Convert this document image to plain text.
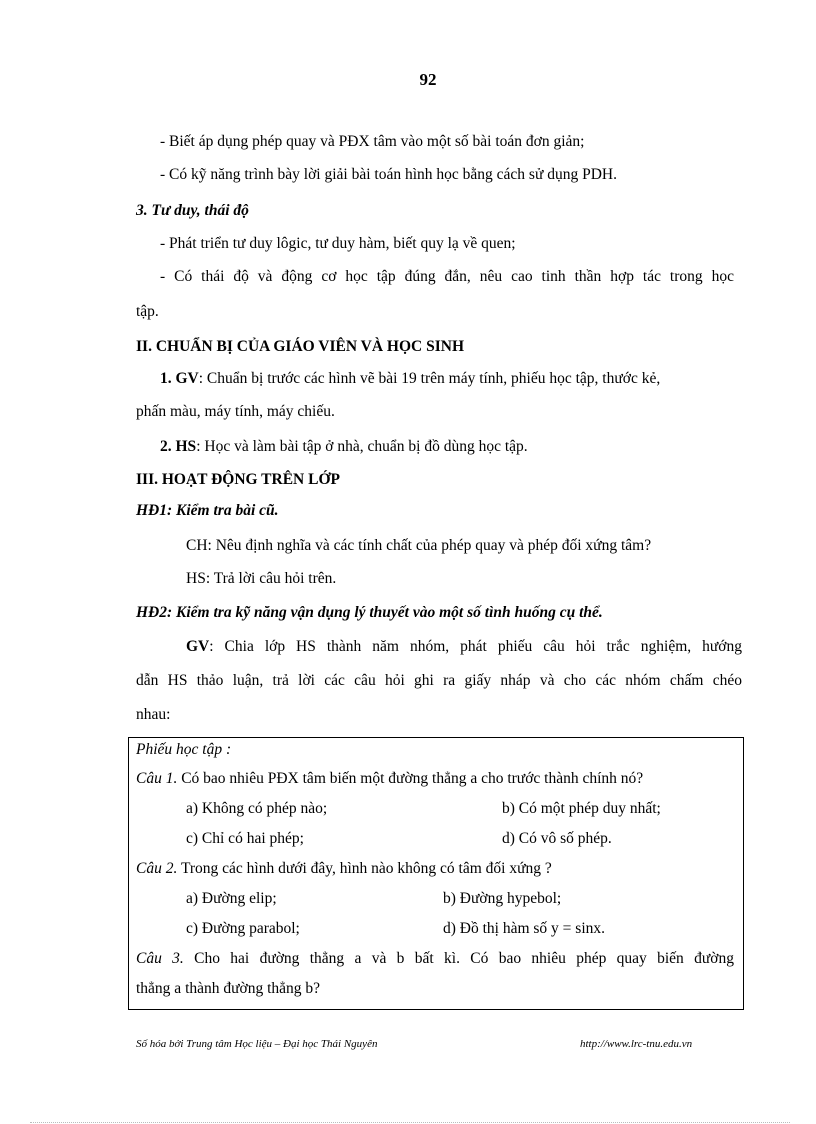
92
- Biết áp dụng phép quay và PĐX tâm vào một số bài toán đơn giản;
- Có kỹ năng trình bày lời giải bài toán hình học bằng cách sử dụng PDH.
3. Tư duy, thái độ
- Phát triển tư duy lôgic, tư duy hàm, biết quy lạ về quen;
- Có thái độ và động cơ học tập đúng đắn, nêu cao tinh thần hợp tác trong học
tập.
II. CHUẨN BỊ CỦA GIÁO VIÊN VÀ HỌC SINH
1. GV: Chuẩn bị trước các hình vẽ bài 19 trên máy tính, phiếu học tập, thước kẻ,
phấn màu, máy tính, máy chiếu.
2. HS: Học và làm bài tập ở nhà, chuẩn bị đồ dùng học tập.
III. HOẠT ĐỘNG TRÊN LỚP
HĐ1: Kiểm tra bài cũ.
CH: Nêu định nghĩa và các tính chất của phép quay và phép đối xứng tâm?
HS: Trả lời câu hỏi trên.
HĐ2: Kiểm tra kỹ năng vận dụng lý thuyết vào một số tình huống cụ thể.
GV: Chia lớp HS thành năm nhóm, phát phiếu câu hỏi trắc nghiệm, hướng
dẫn HS thảo luận, trả lời các câu hỏi ghi ra giấy nháp và cho các nhóm chấm chéo
nhau:
Phiếu học tập :
Câu 1. Có bao nhiêu PĐX tâm biến một đường thẳng a cho trước thành chính nó?
a) Không có phép nào;	b) Có một phép duy nhất;
c) Chỉ có hai phép;	d) Có vô số phép.
Câu 2. Trong các hình dưới đây, hình nào không có tâm đối xứng ?
a) Đường elip;	b) Đường hypebol;
c) Đường parabol;	d) Đồ thị hàm số y = sinx.
Câu 3. Cho hai đường thẳng a và b bất kì. Có bao nhiêu phép quay biến đường
thẳng a thành đường thẳng b?
Số hóa bởi Trung tâm Học liệu – Đại học Thái Nguyên	http://www.lrc-tnu.edu.vn
